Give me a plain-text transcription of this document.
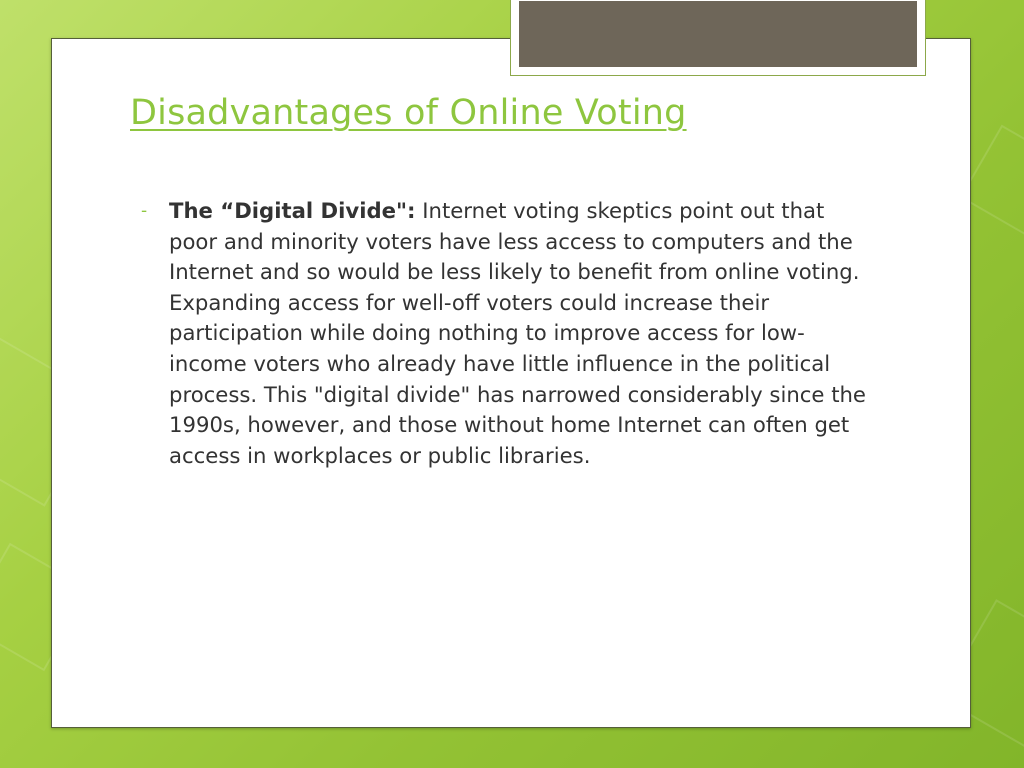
Disadvantages of Online Voting
- The “Digital Divide": Internet voting skeptics point out that poor and minority voters have less access to computers and the Internet and so would be less likely to benefit from online voting. Expanding access for well-off voters could increase their participation while doing nothing to improve access for low-income voters who already have little influence in the political process. This "digital divide" has narrowed considerably since the 1990s, however, and those without home Internet can often get access in workplaces or public libraries.
